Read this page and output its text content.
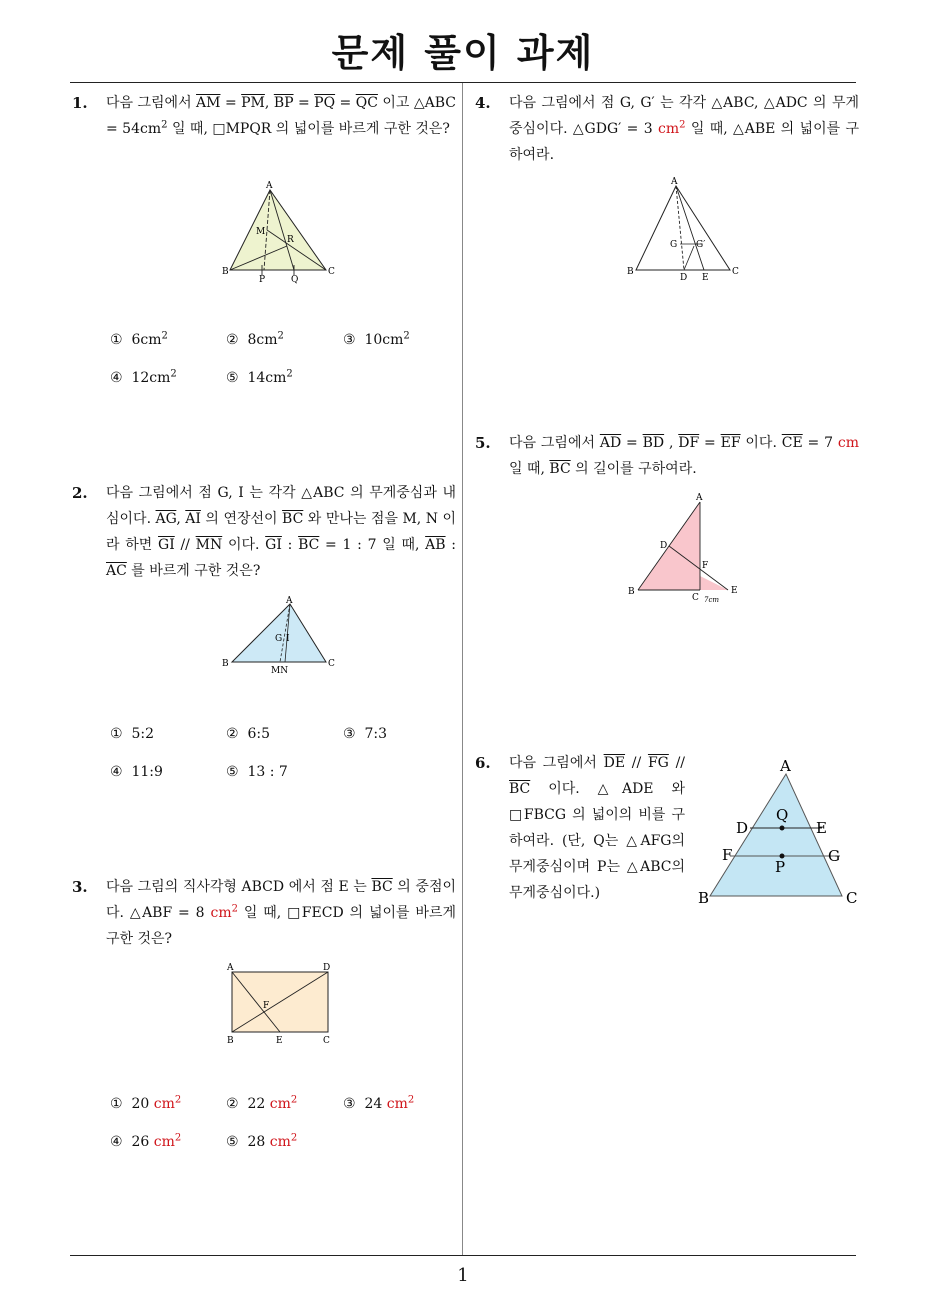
문제 풀이 과제
1. 다음 그림에서 $\overline{AM} = \overline{PM}$, $\overline{BP} = \overline{PQ} = \overline{QC}$ 이고 △ABC = $54cm^2$ 일 때, □MPQR 의 넓이를 바르게 구한 것은?
A
M
R
B
P	Q
C
① $6cm^2$	② $8cm^2$	③ $10cm^2$
④ $12cm^2$	⑤ $14cm^2$
2. 다음 그림에서 점 G, I 는 각각 △ABC 의 무게중심과 내심이다. $\overline{AG}$, $\overline{AI}$ 의 연장선이 $\overline{BC}$ 와 만나는 점을 M, N 이라 하면 $\overline{GI} // \overline{MN}$ 이다. $\overline{GI}$ : $\overline{BC} = 1$ : 7 일 때, $\overline{AB}$ : $\overline{AC}$ 를 바르게 구한 것은?
A
G I
B
MN
C
① 5:2	② 6:5	③ 7:3
④ 11:9	⑤ 13 : 7
3. 다음 그림의 직사각형 ABCD 에서 점 E 는 $\overline{BC}$ 의 중점이다. △ABF = 8 $cm^2$ 일 때, □FECD 의 넓이를 바르게 구한 것은?
A	D
F
B	E	C
① 20 $cm^2$	② 22 $cm^2$	③ 24 $cm^2$
④ 26 $cm^2$	⑤ 28 $cm^2$
4. 다음 그림에서 점 G, G′ 는 각각 △ABC, △ADC 의 무게중심이다. △GDG′ = 3 $cm^2$ 일 때, △ABE 의 넓이를 구하여라.
A
G G′
B
D E
C
5. 다음 그림에서 $\overline{AD} = \overline{BD}$ , $\overline{DF} = \overline{EF}$ 이다. $\overline{CE} = 7$ cm 일 때, $\overline{BC}$ 의 길이를 구하여라.
A
D
F
B
C 7cm
E
6. 다음 그림에서 $\overline{DE} // \overline{FG} // \overline{BC}$ 이다. △ADE 와 □FBCG 의 넓이의 비를 구하여라. (단, Q는 △AFG의 무게중심이며 P는 △ABC의 무게중심이다.)
A
Q
D	E
F	G
P
B	C
1
